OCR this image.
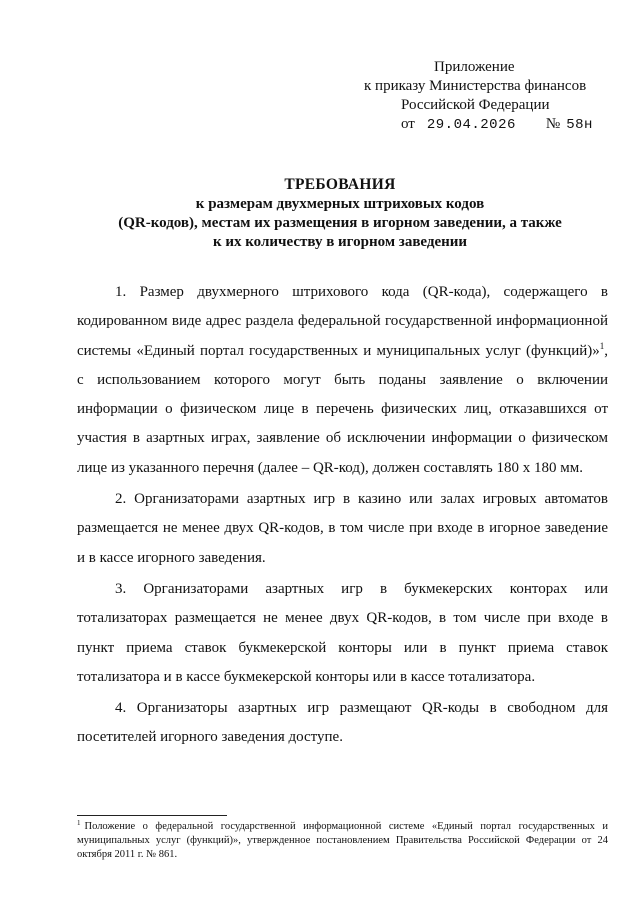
Приложение
к приказу Министерства финансов
Российской Федерации
от 29.04.2026 № 58н
ТРЕБОВАНИЯ
к размерам двухмерных штриховых кодов
(QR-кодов), местам их размещения в игорном заведении, а также
к их количеству в игорном заведении

1. Размер двухмерного штрихового кода (QR-кода), содержащего в кодированном виде адрес раздела федеральной государственной информационной системы «Единый портал государственных и муниципальных услуг (функций)»$^1$, с использованием которого могут быть поданы заявление о включении информации о физическом лице в перечень физических лиц, отказавшихся от участия в азартных играх, заявление об исключении информации о физическом лице из указанного перечня (далее – QR-код), должен составлять 180 х 180 мм.

2. Организаторами азартных игр в казино или залах игровых автоматов размещается не менее двух QR-кодов, в том числе при входе в игорное заведение и в кассе игорного заведения.

3. Организаторами азартных игр в букмекерских конторах или тотализаторах размещается не менее двух QR-кодов, в том числе при входе в пункт приема ставок букмекерской конторы или в пункт приема ставок тотализатора и в кассе букмекерской конторы или в кассе тотализатора.

4. Организаторы азартных игр размещают QR-коды в свободном для посетителей игорного заведения доступе.

$^1$ Положение о федеральной государственной информационной системе «Единый портал государственных и муниципальных услуг (функций)», утвержденное постановлением Правительства Российской Федерации от 24 октября 2011 г. № 861.
